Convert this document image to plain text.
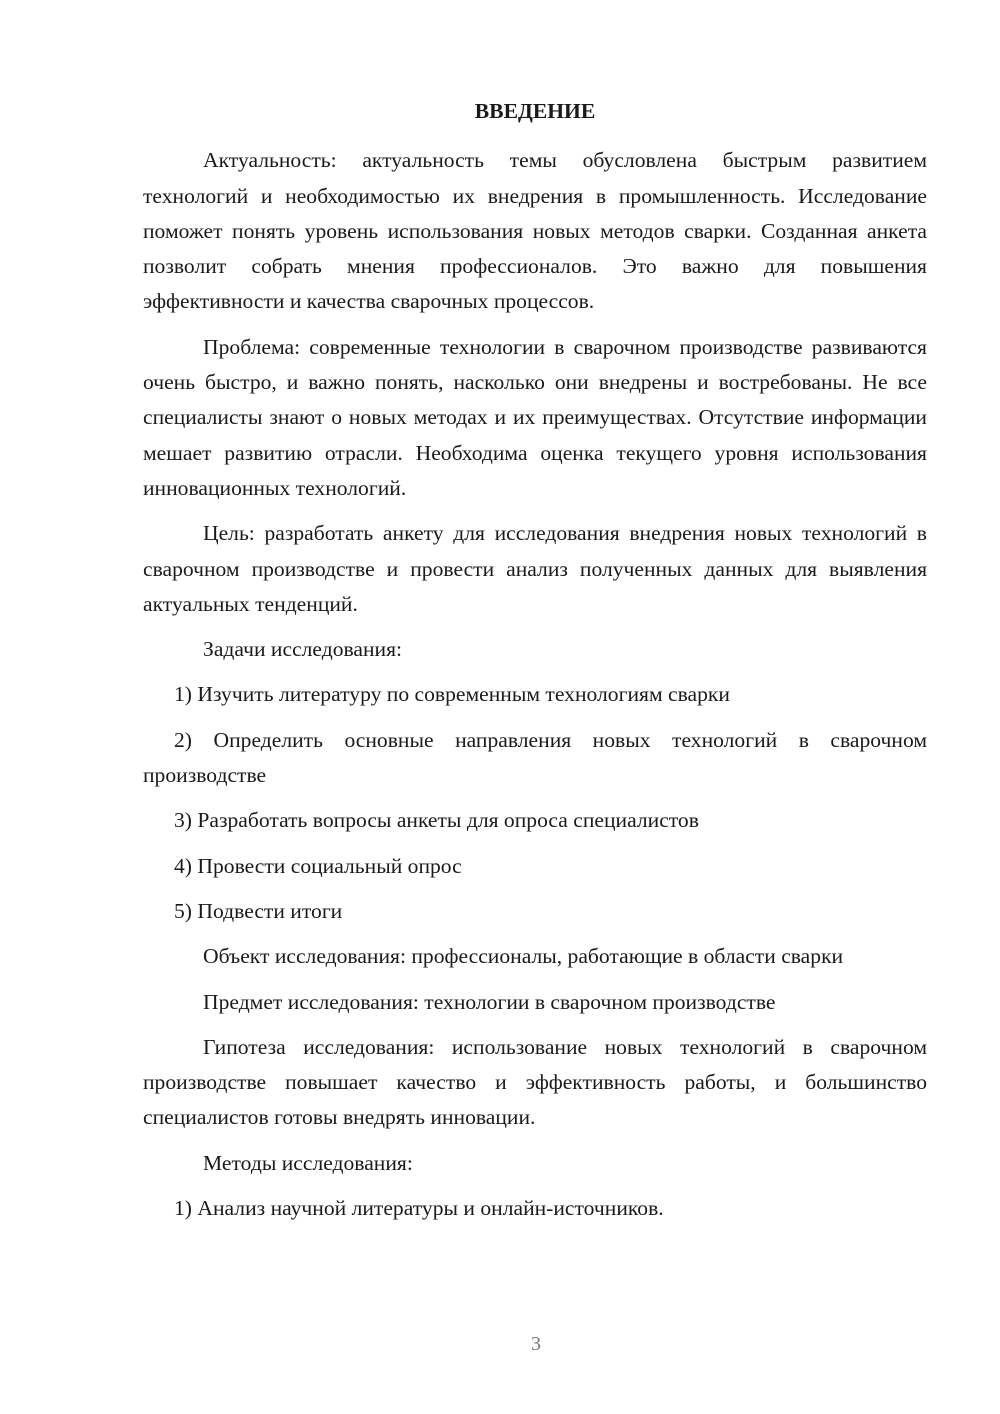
ВВЕДЕНИЕ

Актуальность: актуальность темы обусловлена быстрым развитием технологий и необходимостью их внедрения в промышленность. Исследование поможет понять уровень использования новых методов сварки. Созданная анкета позволит собрать мнения профессионалов. Это важно для повышения эффективности и качества сварочных процессов.

Проблема: современные технологии в сварочном производстве развиваются очень быстро, и важно понять, насколько они внедрены и востребованы. Не все специалисты знают о новых методах и их преимуществах. Отсутствие информации мешает развитию отрасли. Необходима оценка текущего уровня использования инновационных технологий.

Цель: разработать анкету для исследования внедрения новых технологий в сварочном производстве и провести анализ полученных данных для выявления актуальных тенденций.

Задачи исследования:

1) Изучить литературу по современным технологиям сварки

2) Определить основные направления новых технологий в сварочном производстве

3) Разработать вопросы анкеты для опроса специалистов

4) Провести социальный опрос

5) Подвести итоги

Объект исследования: профессионалы, работающие в области сварки

Предмет исследования: технологии в сварочном производстве

Гипотеза исследования: использование новых технологий в сварочном производстве повышает качество и эффективность работы, и большинство специалистов готовы внедрять инновации.

Методы исследования:

1) Анализ научной литературы и онлайн-источников.

3
